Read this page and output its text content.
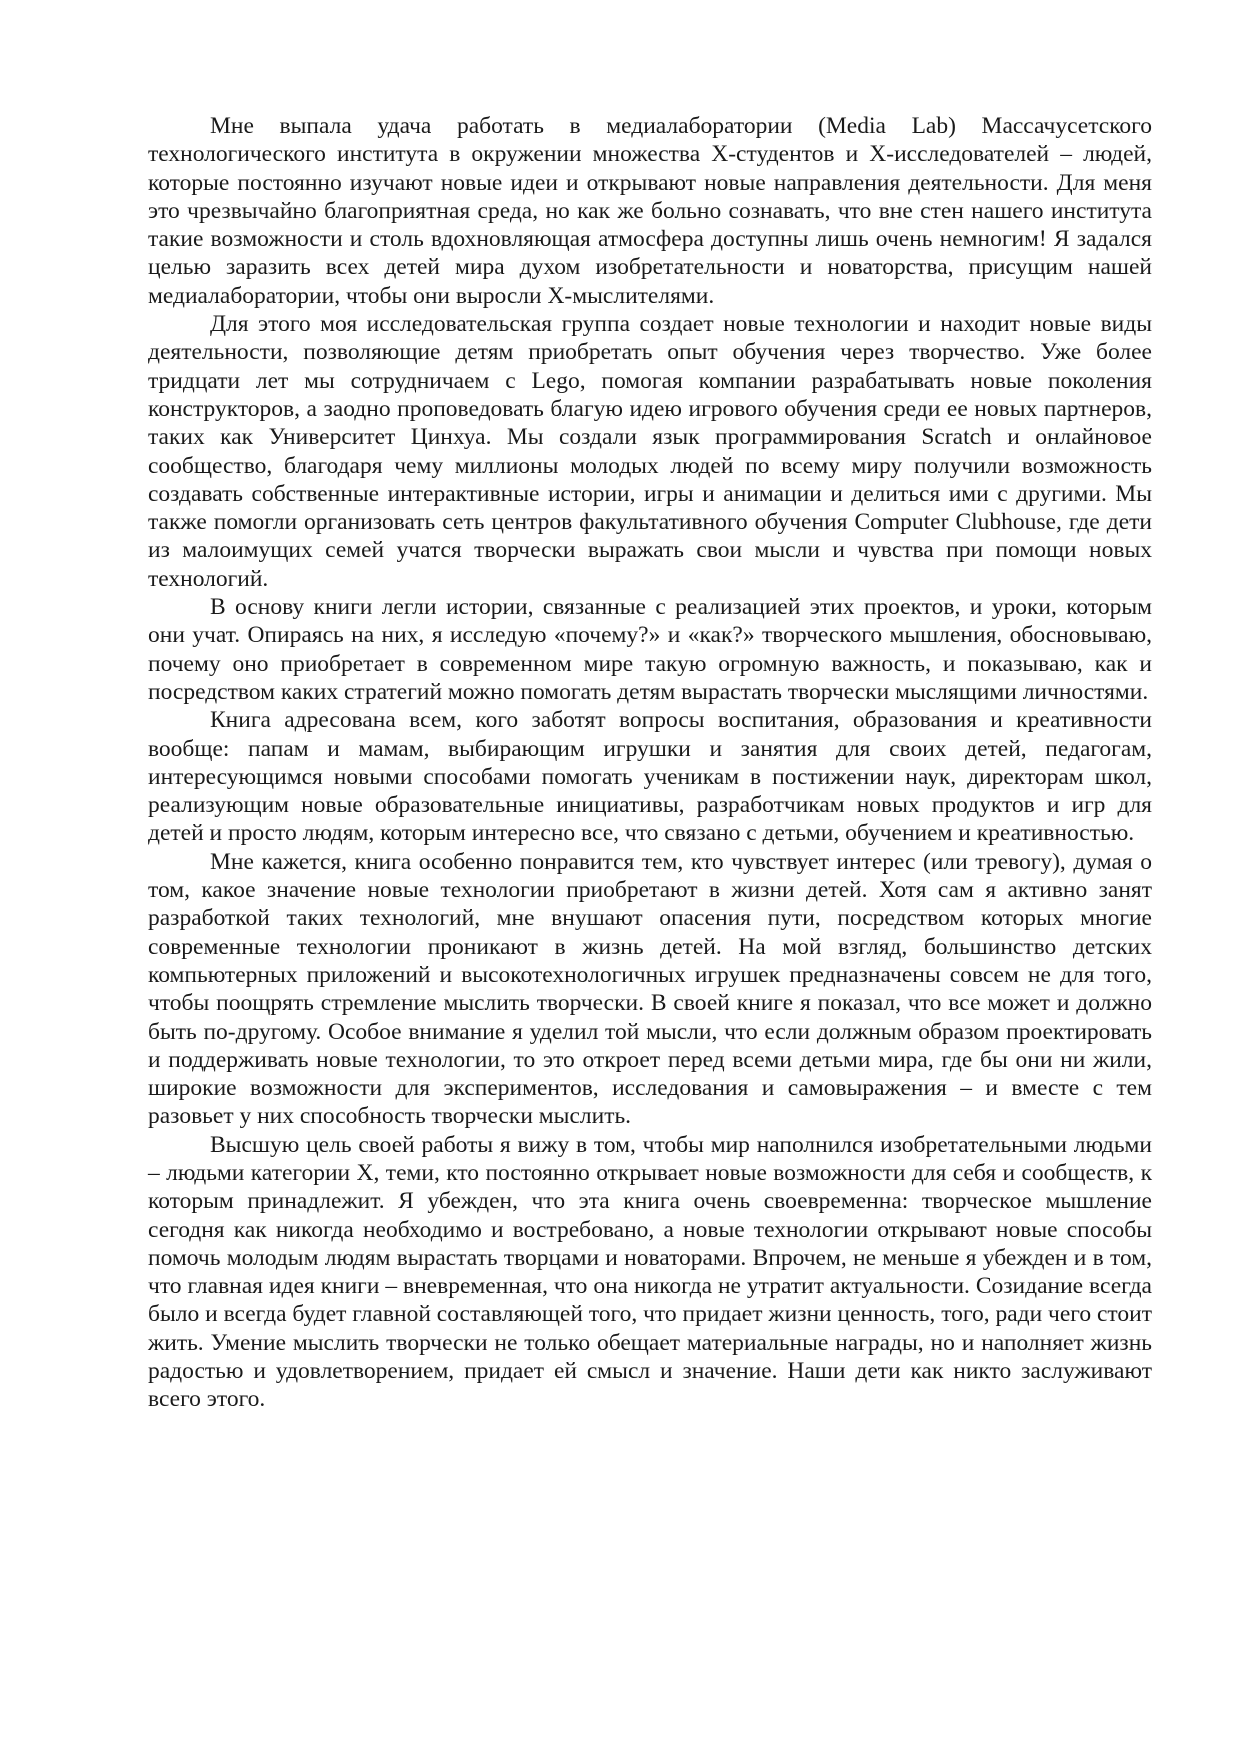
Мне выпала удача работать в медиалаборатории (Media Lab) Массачусетского технологического института в окружении множества X-студентов и X-исследователей – людей, которые постоянно изучают новые идеи и открывают новые направления деятельности. Для меня это чрезвычайно благоприятная среда, но как же больно сознавать, что вне стен нашего института такие возможности и столь вдохновляющая атмосфера доступны лишь очень немногим! Я задался целью заразить всех детей мира духом изобретательности и новаторства, присущим нашей медиалаборатории, чтобы они выросли X-мыслителями.

Для этого моя исследовательская группа создает новые технологии и находит новые виды деятельности, позволяющие детям приобретать опыт обучения через творчество. Уже более тридцати лет мы сотрудничаем с Lego, помогая компании разрабатывать новые поколения конструкторов, а заодно проповедовать благую идею игрового обучения среди ее новых партнеров, таких как Университет Цинхуа. Мы создали язык программирования Scratch и онлайновое сообщество, благодаря чему миллионы молодых людей по всему миру получили возможность создавать собственные интерактивные истории, игры и анимации и делиться ими с другими. Мы также помогли организовать сеть центров факультативного обучения Computer Clubhouse, где дети из малоимущих семей учатся творчески выражать свои мысли и чувства при помощи новых технологий.

В основу книги легли истории, связанные с реализацией этих проектов, и уроки, которым они учат. Опираясь на них, я исследую «почему?» и «как?» творческого мышления, обосновываю, почему оно приобретает в современном мире такую огромную важность, и показываю, как и посредством каких стратегий можно помогать детям вырастать творчески мыслящими личностями.

Книга адресована всем, кого заботят вопросы воспитания, образования и креативности вообще: папам и мамам, выбирающим игрушки и занятия для своих детей, педагогам, интересующимся новыми способами помогать ученикам в постижении наук, директорам школ, реализующим новые образовательные инициативы, разработчикам новых продуктов и игр для детей и просто людям, которым интересно все, что связано с детьми, обучением и креативностью.

Мне кажется, книга особенно понравится тем, кто чувствует интерес (или тревогу), думая о том, какое значение новые технологии приобретают в жизни детей. Хотя сам я активно занят разработкой таких технологий, мне внушают опасения пути, посредством которых многие современные технологии проникают в жизнь детей. На мой взгляд, большинство детских компьютерных приложений и высокотехнологичных игрушек предназначены совсем не для того, чтобы поощрять стремление мыслить творчески. В своей книге я показал, что все может и должно быть по-другому. Особое внимание я уделил той мысли, что если должным образом проектировать и поддерживать новые технологии, то это откроет перед всеми детьми мира, где бы они ни жили, широкие возможности для экспериментов, исследования и самовыражения – и вместе с тем разовьет у них способность творчески мыслить.

Высшую цель своей работы я вижу в том, чтобы мир наполнился изобретательными людьми – людьми категории X, теми, кто постоянно открывает новые возможности для себя и сообществ, к которым принадлежит. Я убежден, что эта книга очень своевременна: творческое мышление сегодня как никогда необходимо и востребовано, а новые технологии открывают новые способы помочь молодым людям вырастать творцами и новаторами. Впрочем, не меньше я убежден и в том, что главная идея книги – вневременная, что она никогда не утратит актуальности. Созидание всегда было и всегда будет главной составляющей того, что придает жизни ценность, того, ради чего стоит жить. Умение мыслить творчески не только обещает материальные награды, но и наполняет жизнь радостью и удовлетворением, придает ей смысл и значение. Наши дети как никто заслуживают всего этого.
